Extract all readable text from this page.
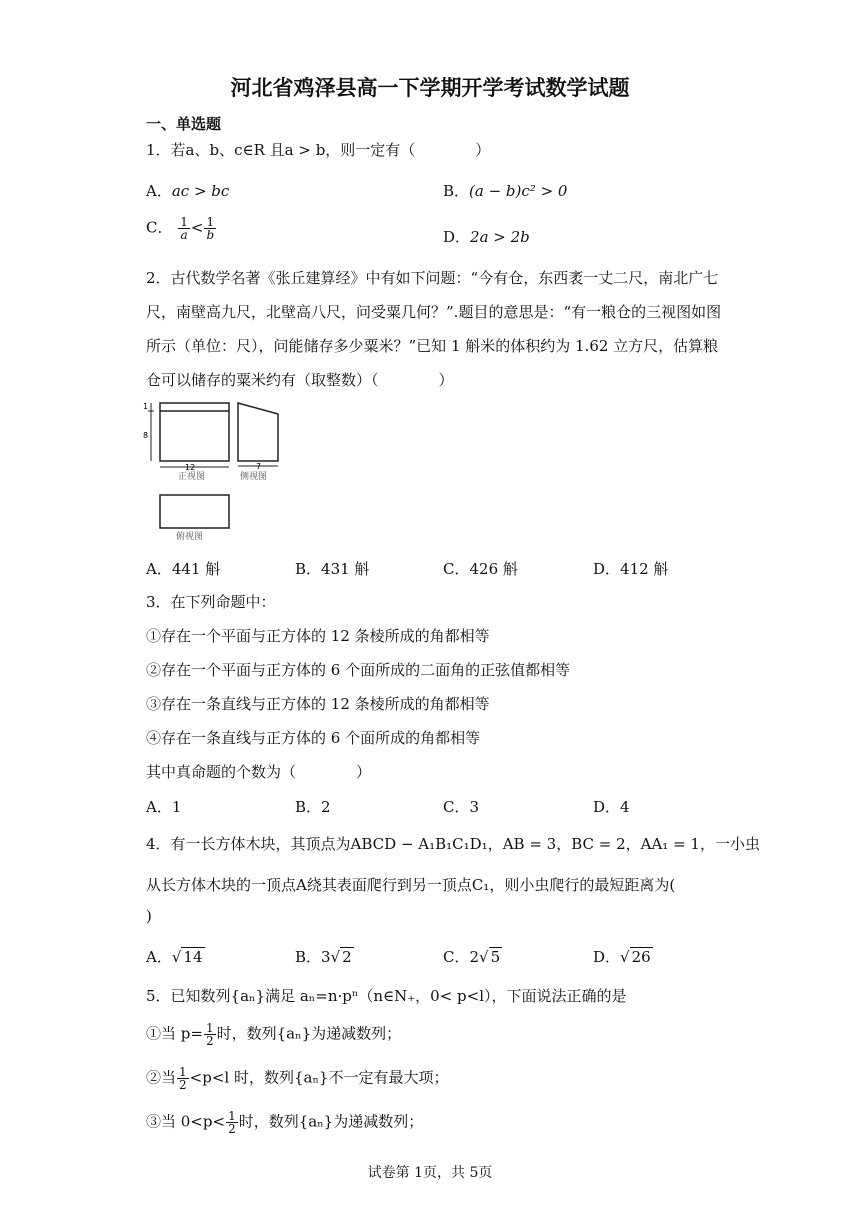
河北省鸡泽县高一下学期开学考试数学试题
一、单选题
1．若a、b、c∈R 且a > b，则一定有（　　　　）
A．ac > bc	B．(a − b)c² > 0
C． $\frac{1}{a} < \frac{1}{b}$	D．2a > 2b
2．古代数学名著《张丘建算经》中有如下问题：“今有仓，东西袤一丈二尺，南北广七
尺，南壁高九尺，北壁高八尺，问受粟几何？”.题目的意思是：“有一粮仓的三视图如图
所示（单位：尺），问能储存多少粟米？”已知 1 斛米的体积约为 1.62 立方尺，估算粮
仓可以储存的粟米约有（取整数）（　　　　）
1
8
12
正视图
7
侧视图
俯视图
A．441 斛	B．431 斛	C．426 斛	D．412 斛
3．在下列命题中：
①存在一个平面与正方体的 12 条棱所成的角都相等
②存在一个平面与正方体的 6 个面所成的二面角的正弦值都相等
③存在一条直线与正方体的 12 条棱所成的角都相等
④存在一条直线与正方体的 6 个面所成的角都相等
其中真命题的个数为（　　　　）
A．1	B．2	C．3	D．4
4．有一长方体木块，其顶点为ABCD − A₁B₁C₁D₁，AB = 3，BC = 2，AA₁ = 1，一小虫
从长方体木块的一顶点A绕其表面爬行到另一顶点C₁，则小虫爬行的最短距离为(
)
A．√ 14	B．3√ 2	C．2√ 5	D．√ 26
5．已知数列{aₙ}满足 aₙ=n·pⁿ（n∈N₊，0< p<l），下面说法正确的是
①当 $p= \frac{1}{2}$ 时，数列{aₙ}为递减数列；
②当 $\frac{1}{2} <p<l$ 时，数列{aₙ}不一定有最大项；
③当 $0<p< \frac{1}{2}$ 时，数列{aₙ}为递减数列；
试卷第 1页，共 5页
